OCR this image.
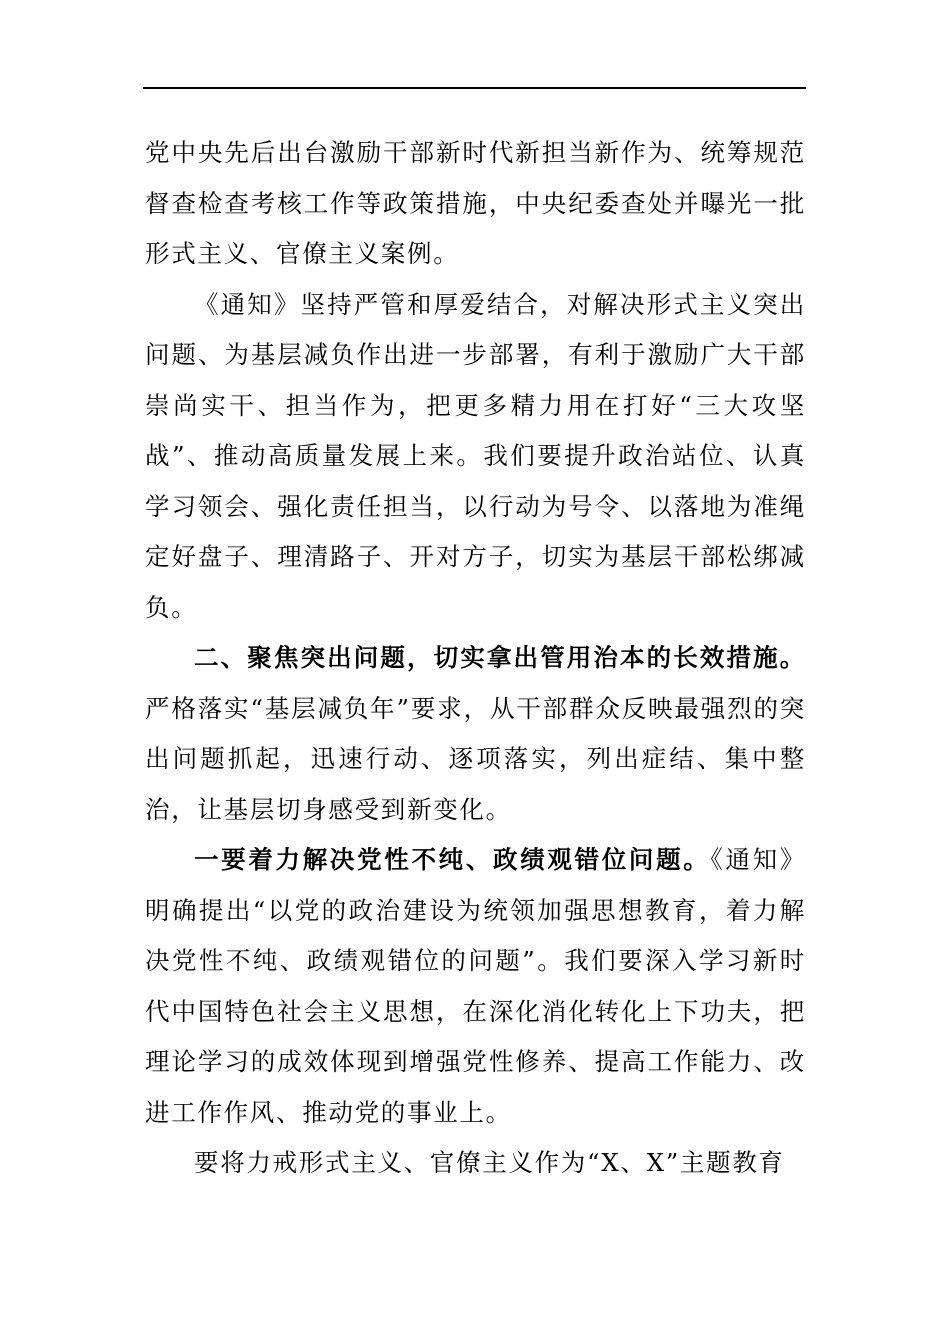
党中央先后出台激励干部新时代新担当新作为、统筹规范督查检查考核工作等政策措施，中央纪委查处并曝光一批形式主义、官僚主义案例。

《通知》坚持严管和厚爱结合，对解决形式主义突出问题、为基层减负作出进一步部署，有利于激励广大干部崇尚实干、担当作为，把更多精力用在打好“三大攻坚战”、推动高质量发展上来。我们要提升政治站位、认真学习领会、强化责任担当，以行动为号令、以落地为准绳定好盘子、理清路子、开对方子，切实为基层干部松绑减负。

二、聚焦突出问题，切实拿出管用治本的长效措施。严格落实“基层减负年”要求，从干部群众反映最强烈的突出问题抓起，迅速行动、逐项落实，列出症结、集中整治，让基层切身感受到新变化。

一要着力解决党性不纯、政绩观错位问题。《通知》明确提出“以党的政治建设为统领加强思想教育，着力解决党性不纯、政绩观错位的问题”。我们要深入学习新时代中国特色社会主义思想，在深化消化转化上下功夫，把理论学习的成效体现到增强党性修养、提高工作能力、改进工作作风、推动党的事业上。

要将力戒形式主义、官僚主义作为“X、X”主题教育
